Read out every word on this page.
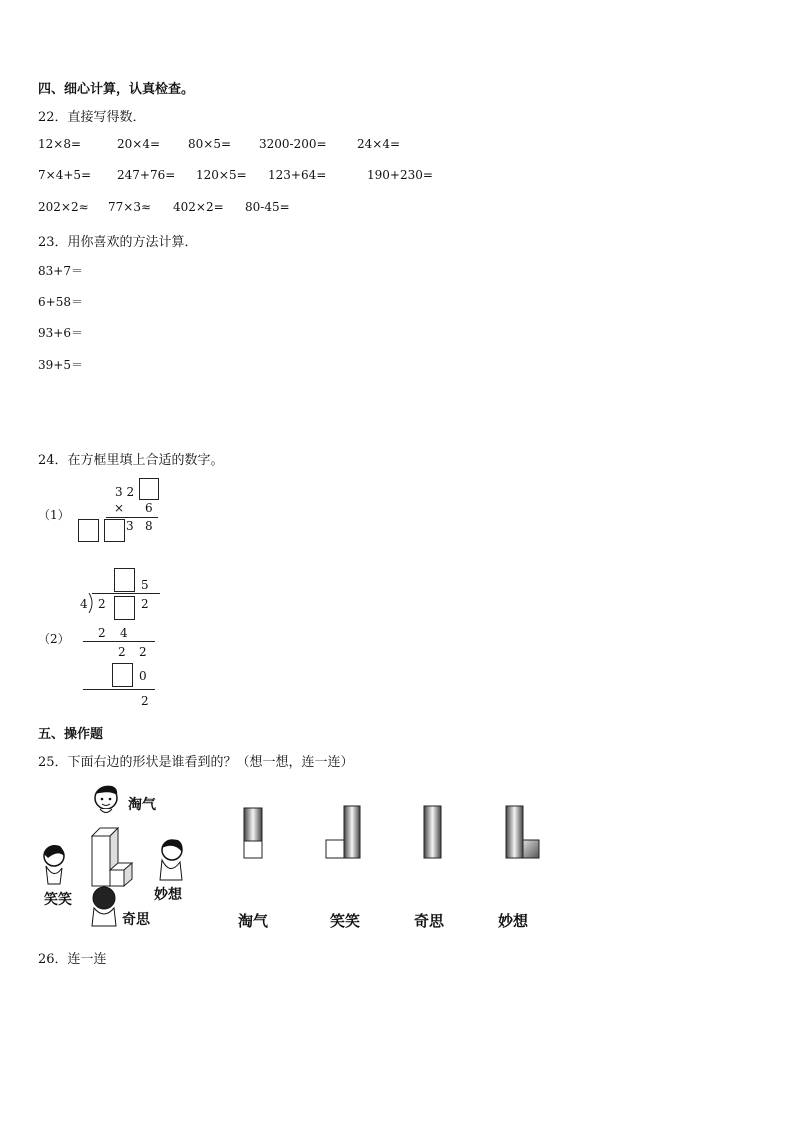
四、细心计算，认真检查。
22．直接写得数．
12×8=	20×4= 80×5= 3200-200=	24×4=
7×4+5= 247+76= 120×5= 123+64=	190+230=
202×2≈ 77×3≈ 402×2= 80-45=
23．用你喜欢的方法计算．
83+7＝
6+58＝
93+6＝
39+5＝
24．在方框里填上合适的数字。
（1）
3 2
× 6
3 8
（2）
5
4 2	2
2 4
2 2
0
2
五、操作题
25．下面右边的形状是谁看到的？（想一想，连一连）
淘气
笑笑	妙想
奇思	淘气	笑笑	奇思	妙想
26．连一连
